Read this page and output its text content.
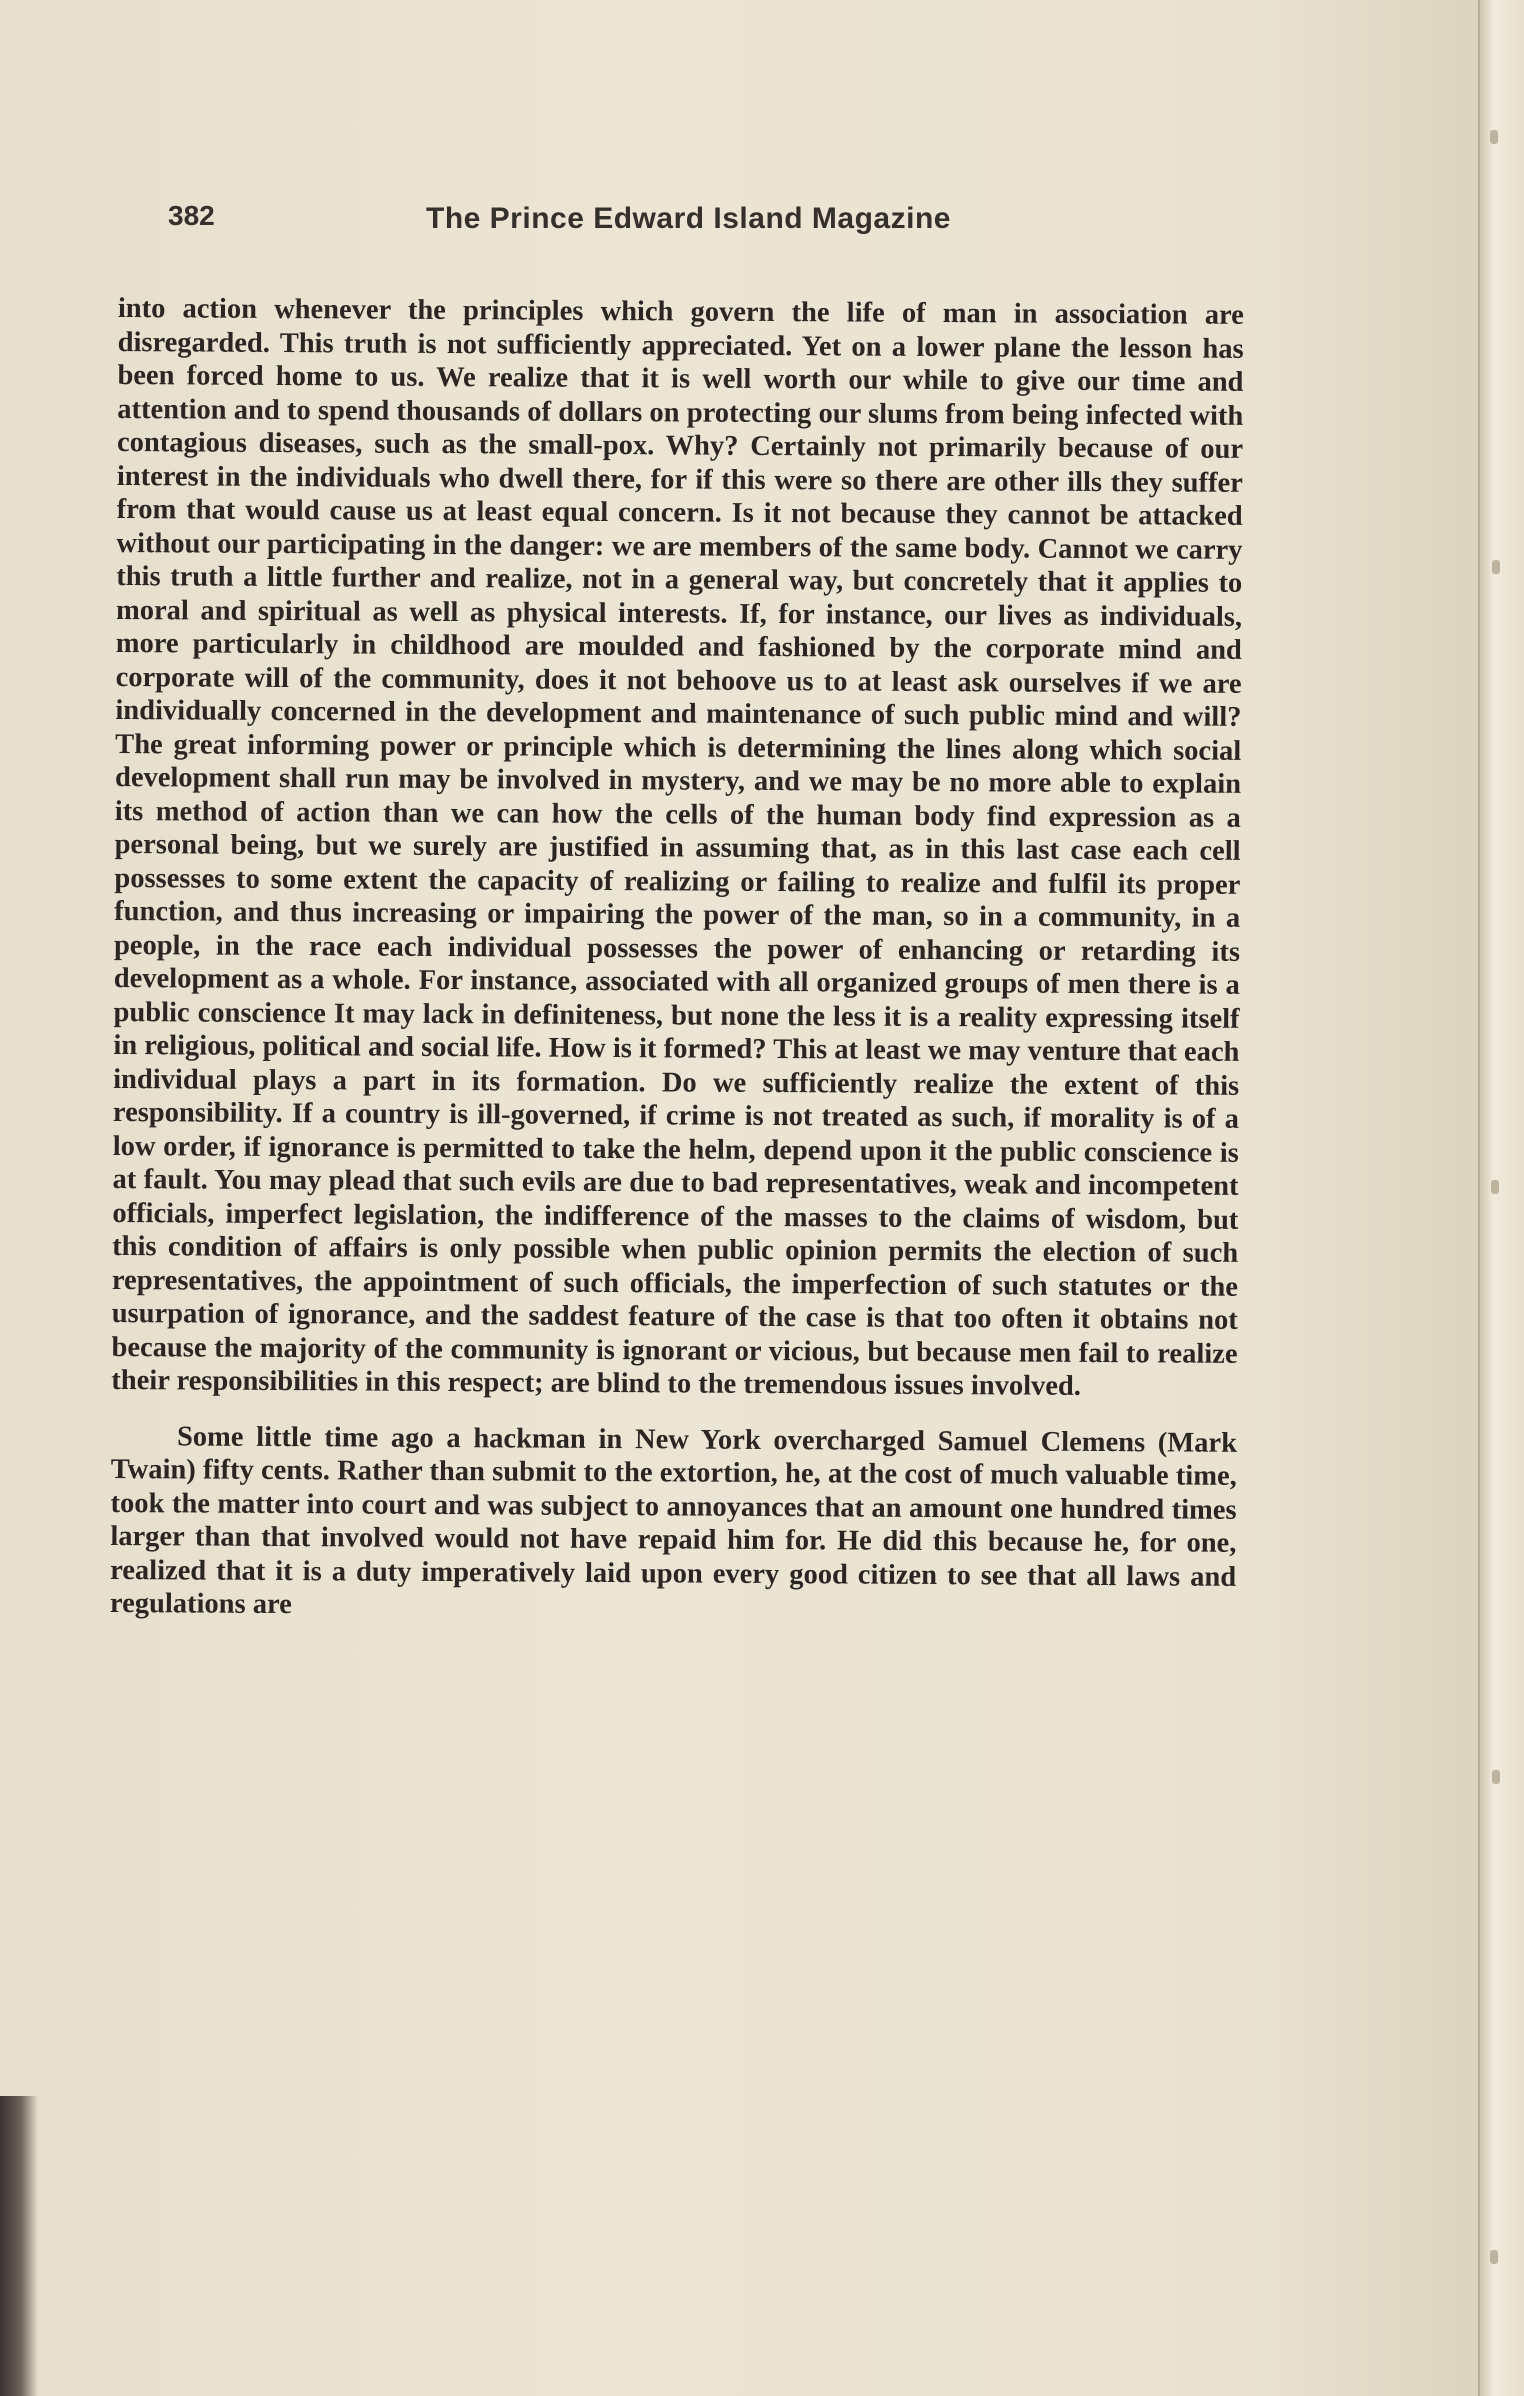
382	The Prince Edward Island Magazine

into action whenever the principles which govern the life of man in association are disregarded. This truth is not sufficiently appreciated. Yet on a lower plane the lesson has been forced home to us. We realize that it is well worth our while to give our time and attention and to spend thousands of dollars on protecting our slums from being infected with contagious diseases, such as the small-pox. Why? Certainly not primarily because of our interest in the individuals who dwell there, for if this were so there are other ills they suffer from that would cause us at least equal concern. Is it not because they cannot be attacked without our participating in the danger: we are members of the same body. Cannot we carry this truth a little further and realize, not in a general way, but concretely that it applies to moral and spiritual as well as physical interests. If, for instance, our lives as individuals, more particularly in childhood are moulded and fashioned by the corporate mind and corporate will of the community, does it not behoove us to at least ask ourselves if we are individually concerned in the development and maintenance of such public mind and will? The great informing power or principle which is determining the lines along which social development shall run may be involved in mystery, and we may be no more able to explain its method of action than we can how the cells of the human body find expression as a personal being, but we surely are justified in assuming that, as in this last case each cell possesses to some extent the capacity of realizing or failing to realize and fulfil its proper function, and thus increasing or impairing the power of the man, so in a community, in a people, in the race each individual possesses the power of enhancing or retarding its development as a whole. For instance, associated with all organized groups of men there is a public conscience It may lack in definiteness, but none the less it is a reality expressing itself in religious, political and social life. How is it formed? This at least we may venture that each individual plays a part in its formation. Do we sufficiently realize the extent of this responsibility. If a country is ill-governed, if crime is not treated as such, if morality is of a low order, if ignorance is permitted to take the helm, depend upon it the public conscience is at fault. You may plead that such evils are due to bad representatives, weak and incompetent officials, imperfect legislation, the indifference of the masses to the claims of wisdom, but this condition of affairs is only possible when public opinion permits the election of such representatives, the appointment of such officials, the imperfection of such statutes or the usurpation of ignorance, and the saddest feature of the case is that too often it obtains not because the majority of the community is ignorant or vicious, but because men fail to realize their responsibilities in this respect; are blind to the tremendous issues involved.

Some little time ago a hackman in New York overcharged Samuel Clemens (Mark Twain) fifty cents. Rather than submit to the extortion, he, at the cost of much valuable time, took the matter into court and was subject to annoyances that an amount one hundred times larger than that involved would not have repaid him for. He did this because he, for one, realized that it is a duty imperatively laid upon every good citizen to see that all laws and regulations are
